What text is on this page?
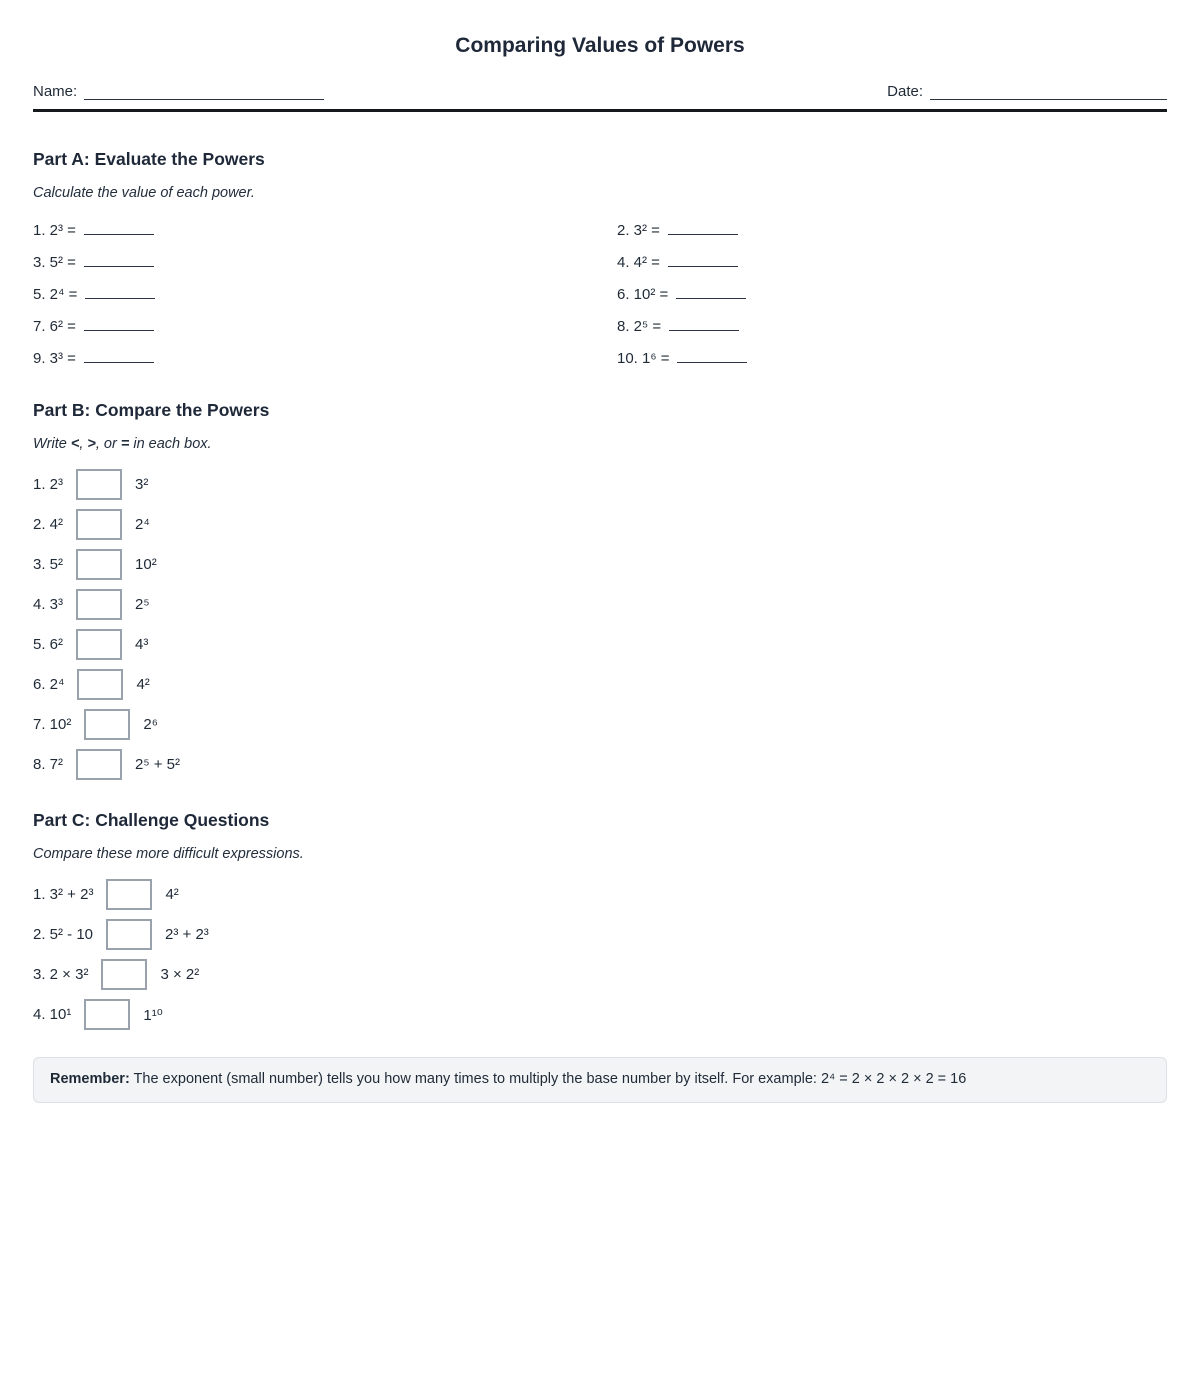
Comparing Values of Powers
Name:	Date:
Part A: Evaluate the Powers
Calculate the value of each power.
1. 2³ =	2. 3² =
3. 5² =	4. 4² =
5. 2⁴ =	6. 10² =
7. 6² =	8. 2⁵ =
9. 3³ =	10. 1⁶ =
Part B: Compare the Powers
Write <, >, or = in each box.
1. 2³	3²
2. 4²	2⁴
3. 5²	10²
4. 3³	2⁵
5. 6²	4³
6. 2⁴	4²
7. 10²	2⁶
8. 7²	2⁵ + 5²
Part C: Challenge Questions
Compare these more difficult expressions.
1. 3² + 2³	4²
2. 5² - 10	2³ + 2³
3. 2 × 3²	3 × 2²
4. 10¹	1¹⁰
Remember: The exponent (small number) tells you how many times to multiply the base number by itself. For example: 2⁴ = 2 × 2 × 2 × 2 = 16
